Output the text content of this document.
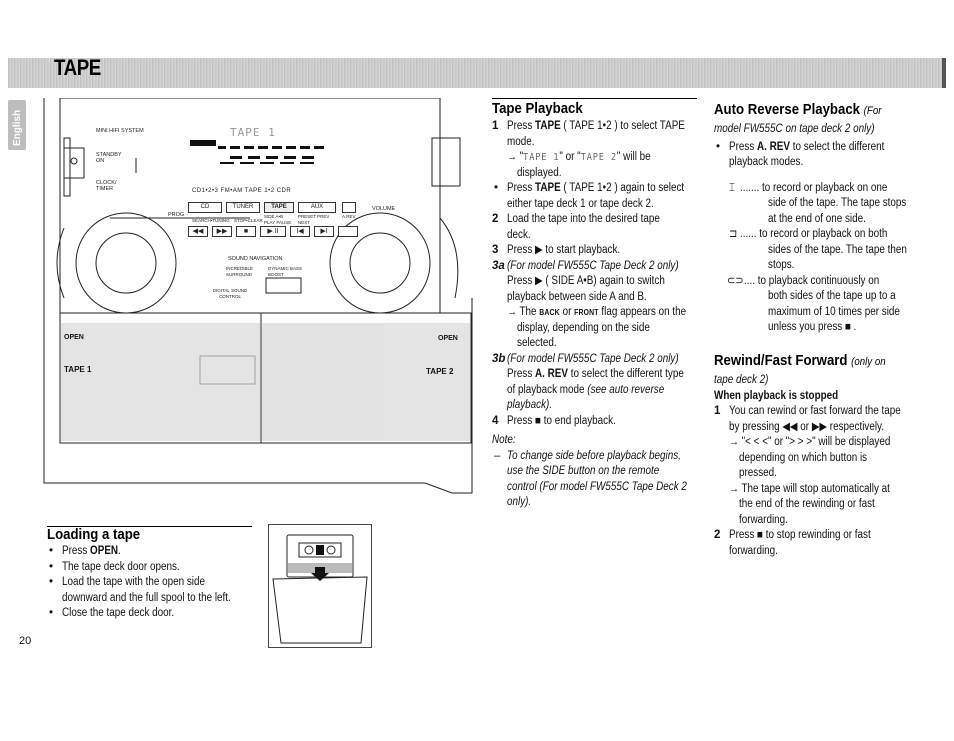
TAPE
English	MINI HIFI SYSTEM	TAPE 1
STANDBY
ON
CLOCK/ TIMER	CD1•2•3 FM•AM TAPE 1•2 CDR
CD	TUNER	TAPE	AUX	VOLUME
PROG
SEARCH•TUNING STOP•CLEAR
SIDE A•B PLAY PAUSE
PRESET PREV NEXT
A.REV
◀◀	▶▶	■	▶ II	I◀	▶I
SOUND NAVIGATION
INCREDIBLE SURROUND
DYNAMIC BASS BOOST
DIGITAL SOUND CONTROL
OPEN	OPEN
TAPE 1	TAPE 2
Loading a tape
• Press OPEN.
• The tape deck door opens.
• Load the tape with the open side
downward and the full spool to the left.
• Close the tape deck door.
Tape Playback
1 Press TAPE ( TAPE 1•2 ) to select TAPE
mode.
→ "TAPE 1" or "TAPE 2" will be
displayed.
• Press TAPE ( TAPE 1•2 ) again to select
either tape deck 1 or tape deck 2.
2 Load the tape into the desired tape
deck.
3 Press ▶ to start playback.
3a (For model FW555C Tape Deck 2 only)
Press ▶ ( SIDE A•B) again to switch
playback between side A and B.
→ The BACK or FRONT flag appears on the
display, depending on the side
selected.
3b (For model FW555C Tape Deck 2 only)
Press A. REV to select the different type
of playback mode (see auto reverse
playback).
4 Press ■ to end playback.
Note:
– To change side before playback begins,
use the SIDE button on the remote
control (For model FW555C Tape Deck 2
only).
Auto Reverse Playback (For
model FW555C on tape deck 2 only)
• Press A. REV to select the different
playback modes.
⌶ ....... to record or playback on one
side of the tape. The tape stops
at the end of one side.
⊐ ...... to record or playback on both
sides of the tape. The tape then
stops.
⊂⊃ .... to playback continuously on
both sides of the tape up to a
maximum of 10 times per side
unless you press ■ .
Rewind/Fast Forward (only on
tape deck 2)
When playback is stopped
1 You can rewind or fast forward the tape
by pressing ◀◀ or ▶▶ respectively.
→ "< < <" or "> > >" will be displayed
depending on which button is
pressed.
→ The tape will stop automatically at
the end of the rewinding or fast
forwarding.
2 Press ■ to stop rewinding or fast
forwarding.
20
